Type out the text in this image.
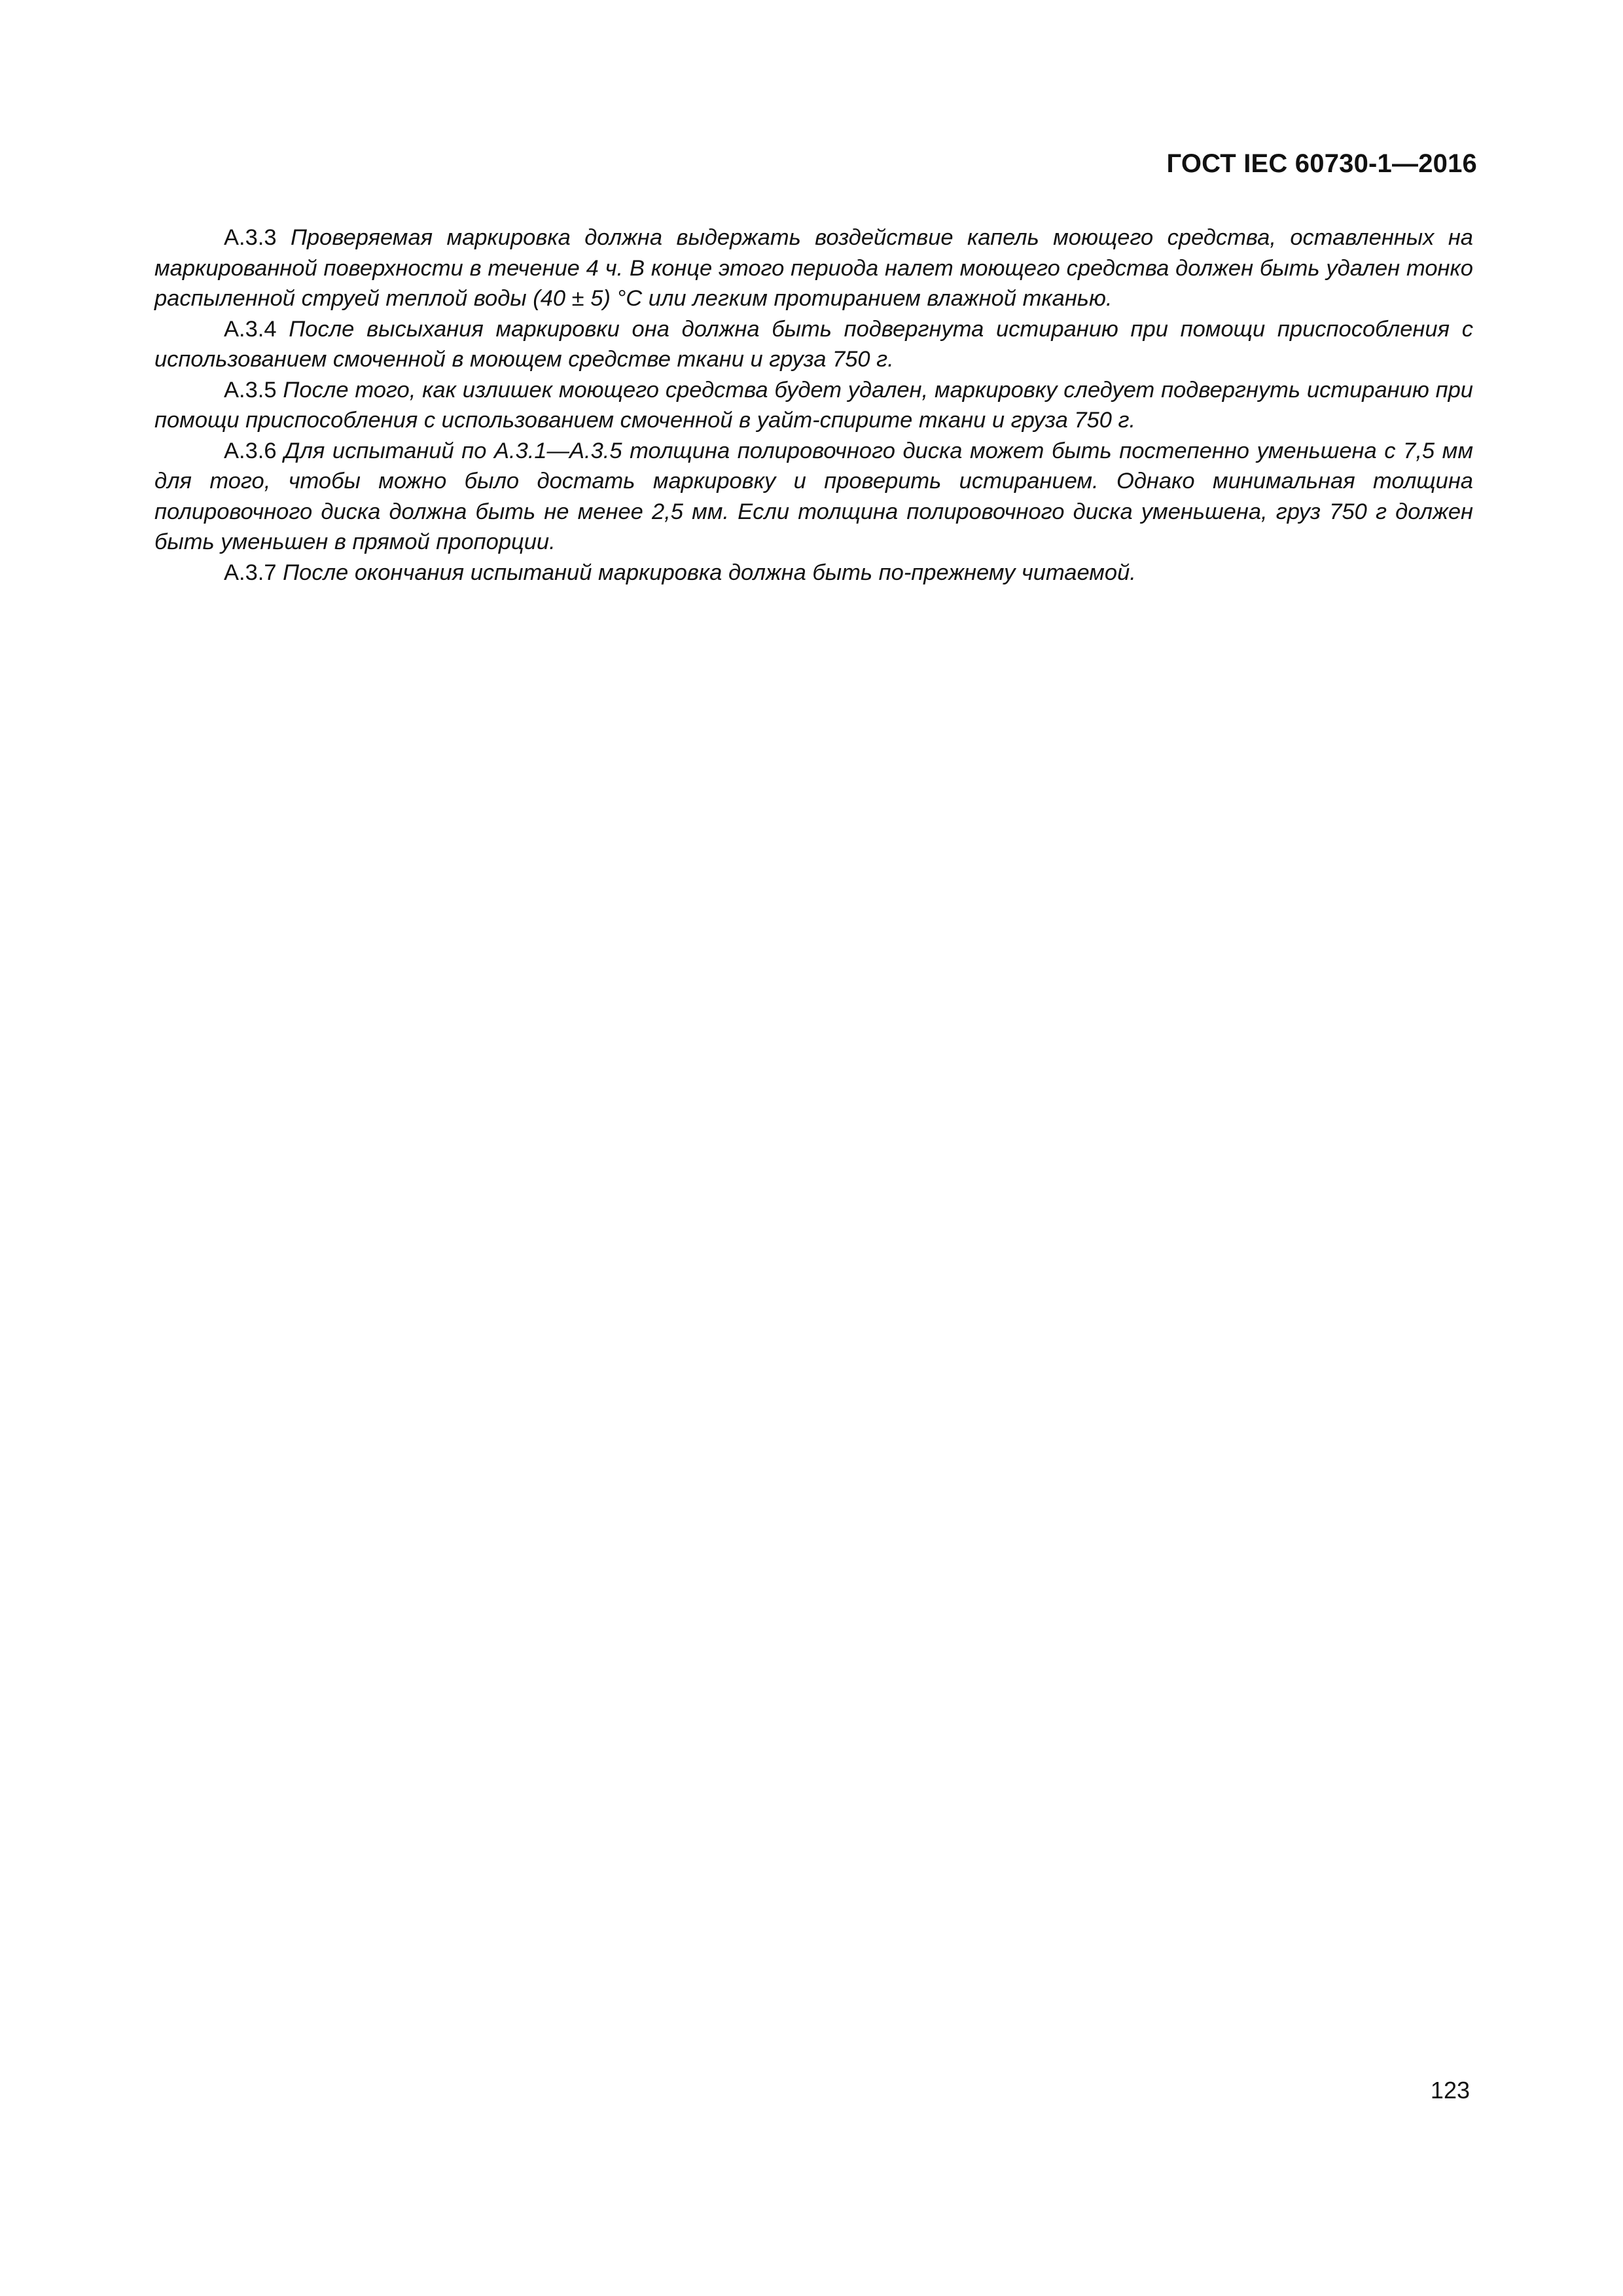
ГОСТ IEC 60730-1—2016

А.3.3 Проверяемая маркировка должна выдержать воздействие капель моющего средства, оставленных на маркированной поверхности в течение 4 ч. В конце этого периода налет моющего средства должен быть удален тонко распыленной струей теплой воды (40 ± 5) °С или легким протиранием влажной тканью.

А.3.4 После высыхания маркировки она должна быть подвергнута истиранию при помощи приспособления с использованием смоченной в моющем средстве ткани и груза 750 г.

А.3.5 После того, как излишек моющего средства будет удален, маркировку следует подвергнуть истиранию при помощи приспособления с использованием смоченной в уайт-спирите ткани и груза 750 г.

А.3.6 Для испытаний по А.3.1—А.3.5 толщина полировочного диска может быть постепенно уменьшена с 7,5 мм для того, чтобы можно было достать маркировку и проверить истиранием. Однако минимальная толщина полировочного диска должна быть не менее 2,5 мм. Если толщина полировочного диска уменьшена, груз 750 г должен быть уменьшен в прямой пропорции.

А.3.7 После окончания испытаний маркировка должна быть по-прежнему читаемой.

123
